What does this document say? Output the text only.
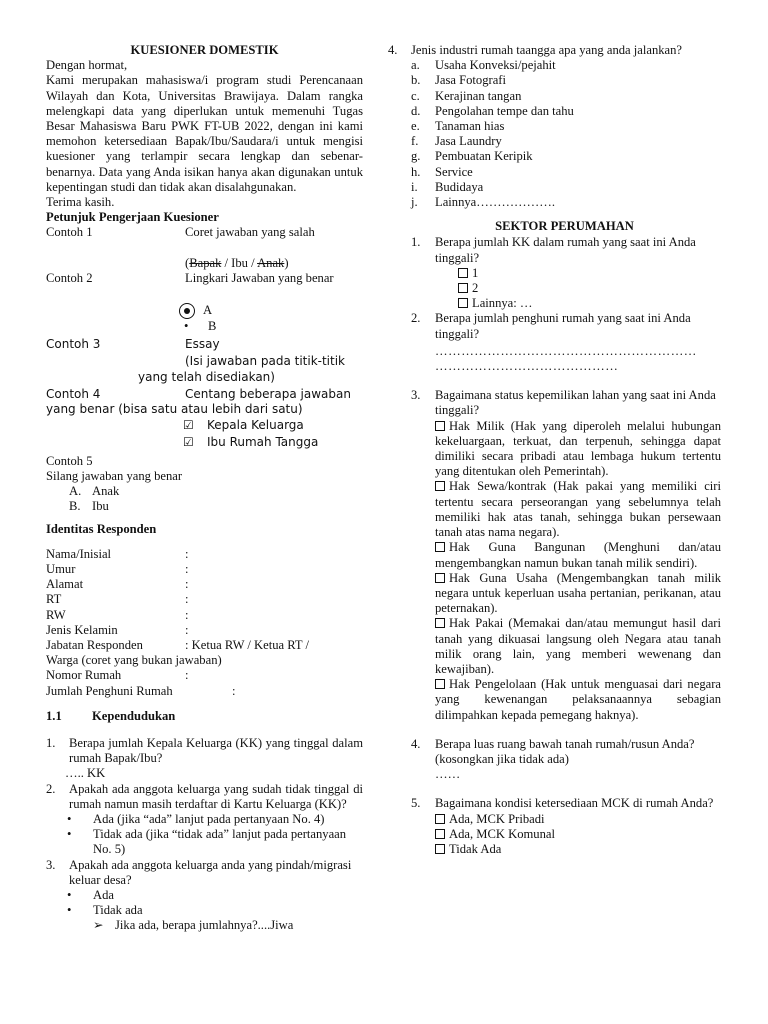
KUESIONER DOMESTIK

Dengan hormat,

Kami merupakan mahasiswa/i program studi Perencanaan Wilayah dan Kota, Universitas Brawijaya. Dalam rangka melengkapi data yang diperlukan untuk memenuhi Tugas Besar Mahasiswa Baru PWK FT-UB 2022, dengan ini kami memohon ketersediaan Bapak/Ibu/Saudara/i untuk mengisi kuesioner yang terlampir secara lengkap dan sebenar-benarnya. Data yang Anda isikan hanya akan digunakan untuk kepentingan studi dan tidak akan disalahgunakan.

Terima kasih.

Petunjuk Pengerjaan Kuesioner

Contoh 1	Coret jawaban yang salah
(Bapak / Ibu / Anak)
Contoh 2	Lingkari Jawaban yang benar
A
•	B
Contoh 3	Essay

(Isi jawaban pada titik-titik

yang telah disediakan)

Contoh 4	Centang beberapa jawaban

yang benar (bisa satu atau lebih dari satu)

☑	Kepala Keluarga
☑	Ibu Rumah Tangga

Contoh 5

Silang jawaban yang benar

A. Anak
B. Ibu

Identitas Responden

Nama/Inisial	:
Umur	:
Alamat	:
RT	:
RW	:
Jenis Kelamin	:
Jabatan Responden	: Ketua RW / Ketua RT /

Warga (coret yang bukan jawaban)

Nomor Rumah	:
Jumlah Penghuni Rumah	:
1.1	Kependudukan
1.	Berapa jumlah Kepala Keluarga (KK) yang tinggal dalam rumah Bapak/Ibu?

….. KK

2.	Apakah ada anggota keluarga yang sudah tidak tinggal di rumah namun masih terdaftar di Kartu Keluarga (KK)?
•	Ada (jika “ada” lanjut pada pertanyaan No. 4)
•	Tidak ada (jika “tidak ada” lanjut pada pertanyaan No. 5)
3.	Apakah ada anggota keluarga anda yang pindah/migrasi keluar desa?
•	Ada
•	Tidak ada
➢ Jika ada, berapa jumlahnya?....Jiwa
4.	Jenis industri rumah taangga apa yang anda jalankan?
a.	Usaha Konveksi/pejahit
b.	Jasa Fotografi
c.	Kerajinan tangan
d.	Pengolahan tempe dan tahu
e.	Tanaman hias
f.	Jasa Laundry
g.	Pembuatan Keripik
h.	Service
i.	Budidaya
j.	Lainnya……………….

SEKTOR PERUMAHAN

1.	Berapa jumlah KK dalam rumah yang saat ini Anda tinggali?
1
2
Lainnya: …
2.	Berapa jumlah penghuni rumah yang saat ini Anda tinggali?

……………………………………………………

……………………………………

3.	Bagaimana status kepemilikan lahan yang saat ini Anda tinggali?
Hak Milik (Hak yang diperoleh melalui hubungan kekeluargaan, terkuat, dan terpenuh, sehingga dapat dimiliki secara pribadi atau lembaga hukum tertentu yang ditentukan oleh Pemerintah).
Hak Sewa/kontrak (Hak pakai yang memiliki ciri tertentu secara perseorangan yang sebelumnya telah memiliki hak atas tanah, sehingga bukan persewaan tanah atas nama negara).
Hak Guna Bangunan (Menghuni dan/atau mengembangkan namun bukan tanah milik sendiri).
Hak Guna Usaha (Mengembangkan tanah milik negara untuk keperluan usaha pertanian, perikanan, atau peternakan).
Hak Pakai (Memakai dan/atau memungut hasil dari tanah yang dikuasai langsung oleh Negara atau tanah milik orang lain, yang memberi wewenang dan kewajiban).
Hak Pengelolaan (Hak untuk menguasai dari negara yang kewenangan pelaksanaannya sebagian dilimpahkan kepada pemegang haknya).
4.	Berapa luas ruang bawah tanah rumah/rusun Anda? (kosongkan jika tidak ada)

……

5.	Bagaimana kondisi ketersediaan MCK di rumah Anda?
Ada, MCK Pribadi
Ada, MCK Komunal
Tidak Ada
